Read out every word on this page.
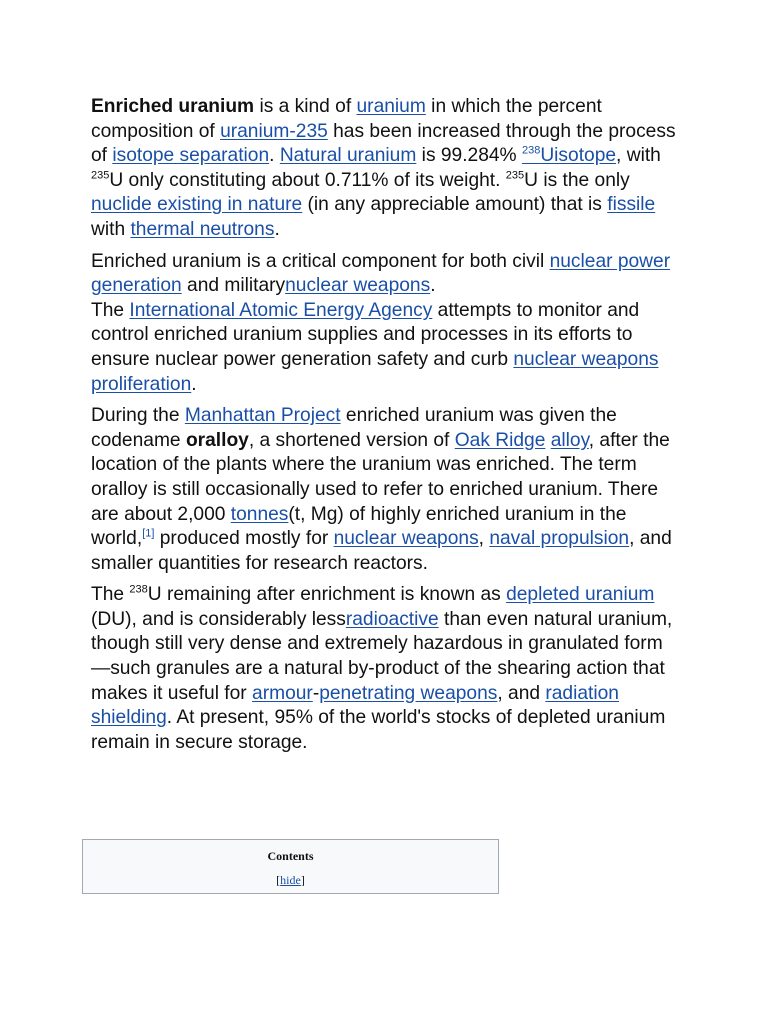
Enriched uranium is a kind of uranium in which the percent composition of uranium-235 has been increased through the process of isotope separation. Natural uranium is 99.284% $^{238}$Uisotope, with $^{235}$U only constituting about 0.711% of its weight. $^{235}$U is the only nuclide existing in nature (in any appreciable amount) that is fissile with thermal neutrons.

Enriched uranium is a critical component for both civil nuclear power generation and militarynuclear weapons.
The International Atomic Energy Agency attempts to monitor and control enriched uranium supplies and processes in its efforts to ensure nuclear power generation safety and curb nuclear weapons proliferation.

During the Manhattan Project enriched uranium was given the codename oralloy, a shortened version of Oak Ridge alloy, after the location of the plants where the uranium was enriched. The term oralloy is still occasionally used to refer to enriched uranium. There are about 2,000 tonnes(t, Mg) of highly enriched uranium in the world,[1] produced mostly for nuclear weapons, naval propulsion, and smaller quantities for research reactors.

The $^{238}$U remaining after enrichment is known as depleted uranium (DU), and is considerably lessradioactive than even natural uranium, though still very dense and extremely hazardous in granulated form—such granules are a natural by-product of the shearing action that makes it useful for armour-penetrating weapons, and radiation shielding. At present, 95% of the world's stocks of depleted uranium remain in secure storage.

Contents
[hide]
